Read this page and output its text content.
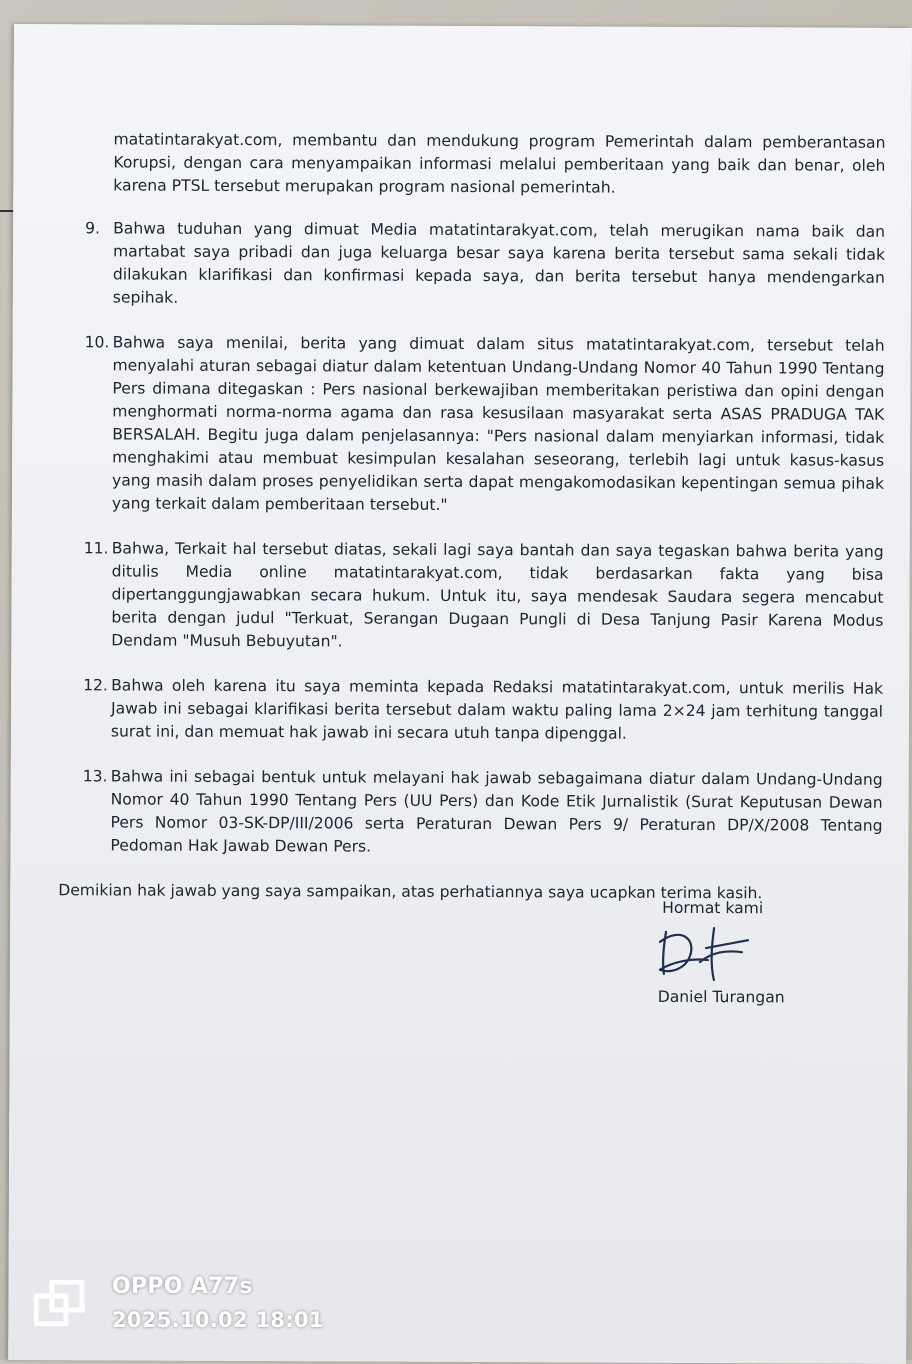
matatintarakyat.com, membantu dan mendukung program Pemerintah dalam pemberantasan Korupsi, dengan cara menyampaikan informasi melalui pemberitaan yang baik dan benar, oleh karena PTSL tersebut merupakan program nasional pemerintah.

9. Bahwa tuduhan yang dimuat Media matatintarakyat.com, telah merugikan nama baik dan martabat saya pribadi dan juga keluarga besar saya karena berita tersebut sama sekali tidak dilakukan klarifikasi dan konfirmasi kepada saya, dan berita tersebut hanya mendengarkan sepihak.
10. Bahwa saya menilai, berita yang dimuat dalam situs matatintarakyat.com, tersebut telah menyalahi aturan sebagai diatur dalam ketentuan Undang-Undang Nomor 40 Tahun 1990 Tentang Pers dimana ditegaskan : Pers nasional berkewajiban memberitakan peristiwa dan opini dengan menghormati norma-norma agama dan rasa kesusilaan masyarakat serta ASAS PRADUGA TAK BERSALAH. Begitu juga dalam penjelasannya: "Pers nasional dalam menyiarkan informasi, tidak menghakimi atau membuat kesimpulan kesalahan seseorang, terlebih lagi untuk kasus-kasus yang masih dalam proses penyelidikan serta dapat mengakomodasikan kepentingan semua pihak yang terkait dalam pemberitaan tersebut."
11. Bahwa, Terkait hal tersebut diatas, sekali lagi saya bantah dan saya tegaskan bahwa berita yang ditulis Media online matatintarakyat.com, tidak berdasarkan fakta yang bisa dipertanggungjawabkan secara hukum. Untuk itu, saya mendesak Saudara segera mencabut berita dengan judul "Terkuat, Serangan Dugaan Pungli di Desa Tanjung Pasir Karena Modus Dendam "Musuh Bebuyutan".
12. Bahwa oleh karena itu saya meminta kepada Redaksi matatintarakyat.com, untuk merilis Hak Jawab ini sebagai klarifikasi berita tersebut dalam waktu paling lama 2×24 jam terhitung tanggal surat ini, dan memuat hak jawab ini secara utuh tanpa dipenggal.
13. Bahwa ini sebagai bentuk untuk melayani hak jawab sebagaimana diatur dalam Undang-Undang Nomor 40 Tahun 1990 Tentang Pers (UU Pers) dan Kode Etik Jurnalistik (Surat Keputusan Dewan Pers Nomor 03-SK-DP/III/2006 serta Peraturan Dewan Pers 9/ Peraturan DP/X/2008 Tentang Pedoman Hak Jawab Dewan Pers.

Demikian hak jawab yang saya sampaikan, atas perhatiannya saya ucapkan terima kasih.

Hormat kami
Daniel Turangan
OPPO A77s
2025.10.02 18:01
